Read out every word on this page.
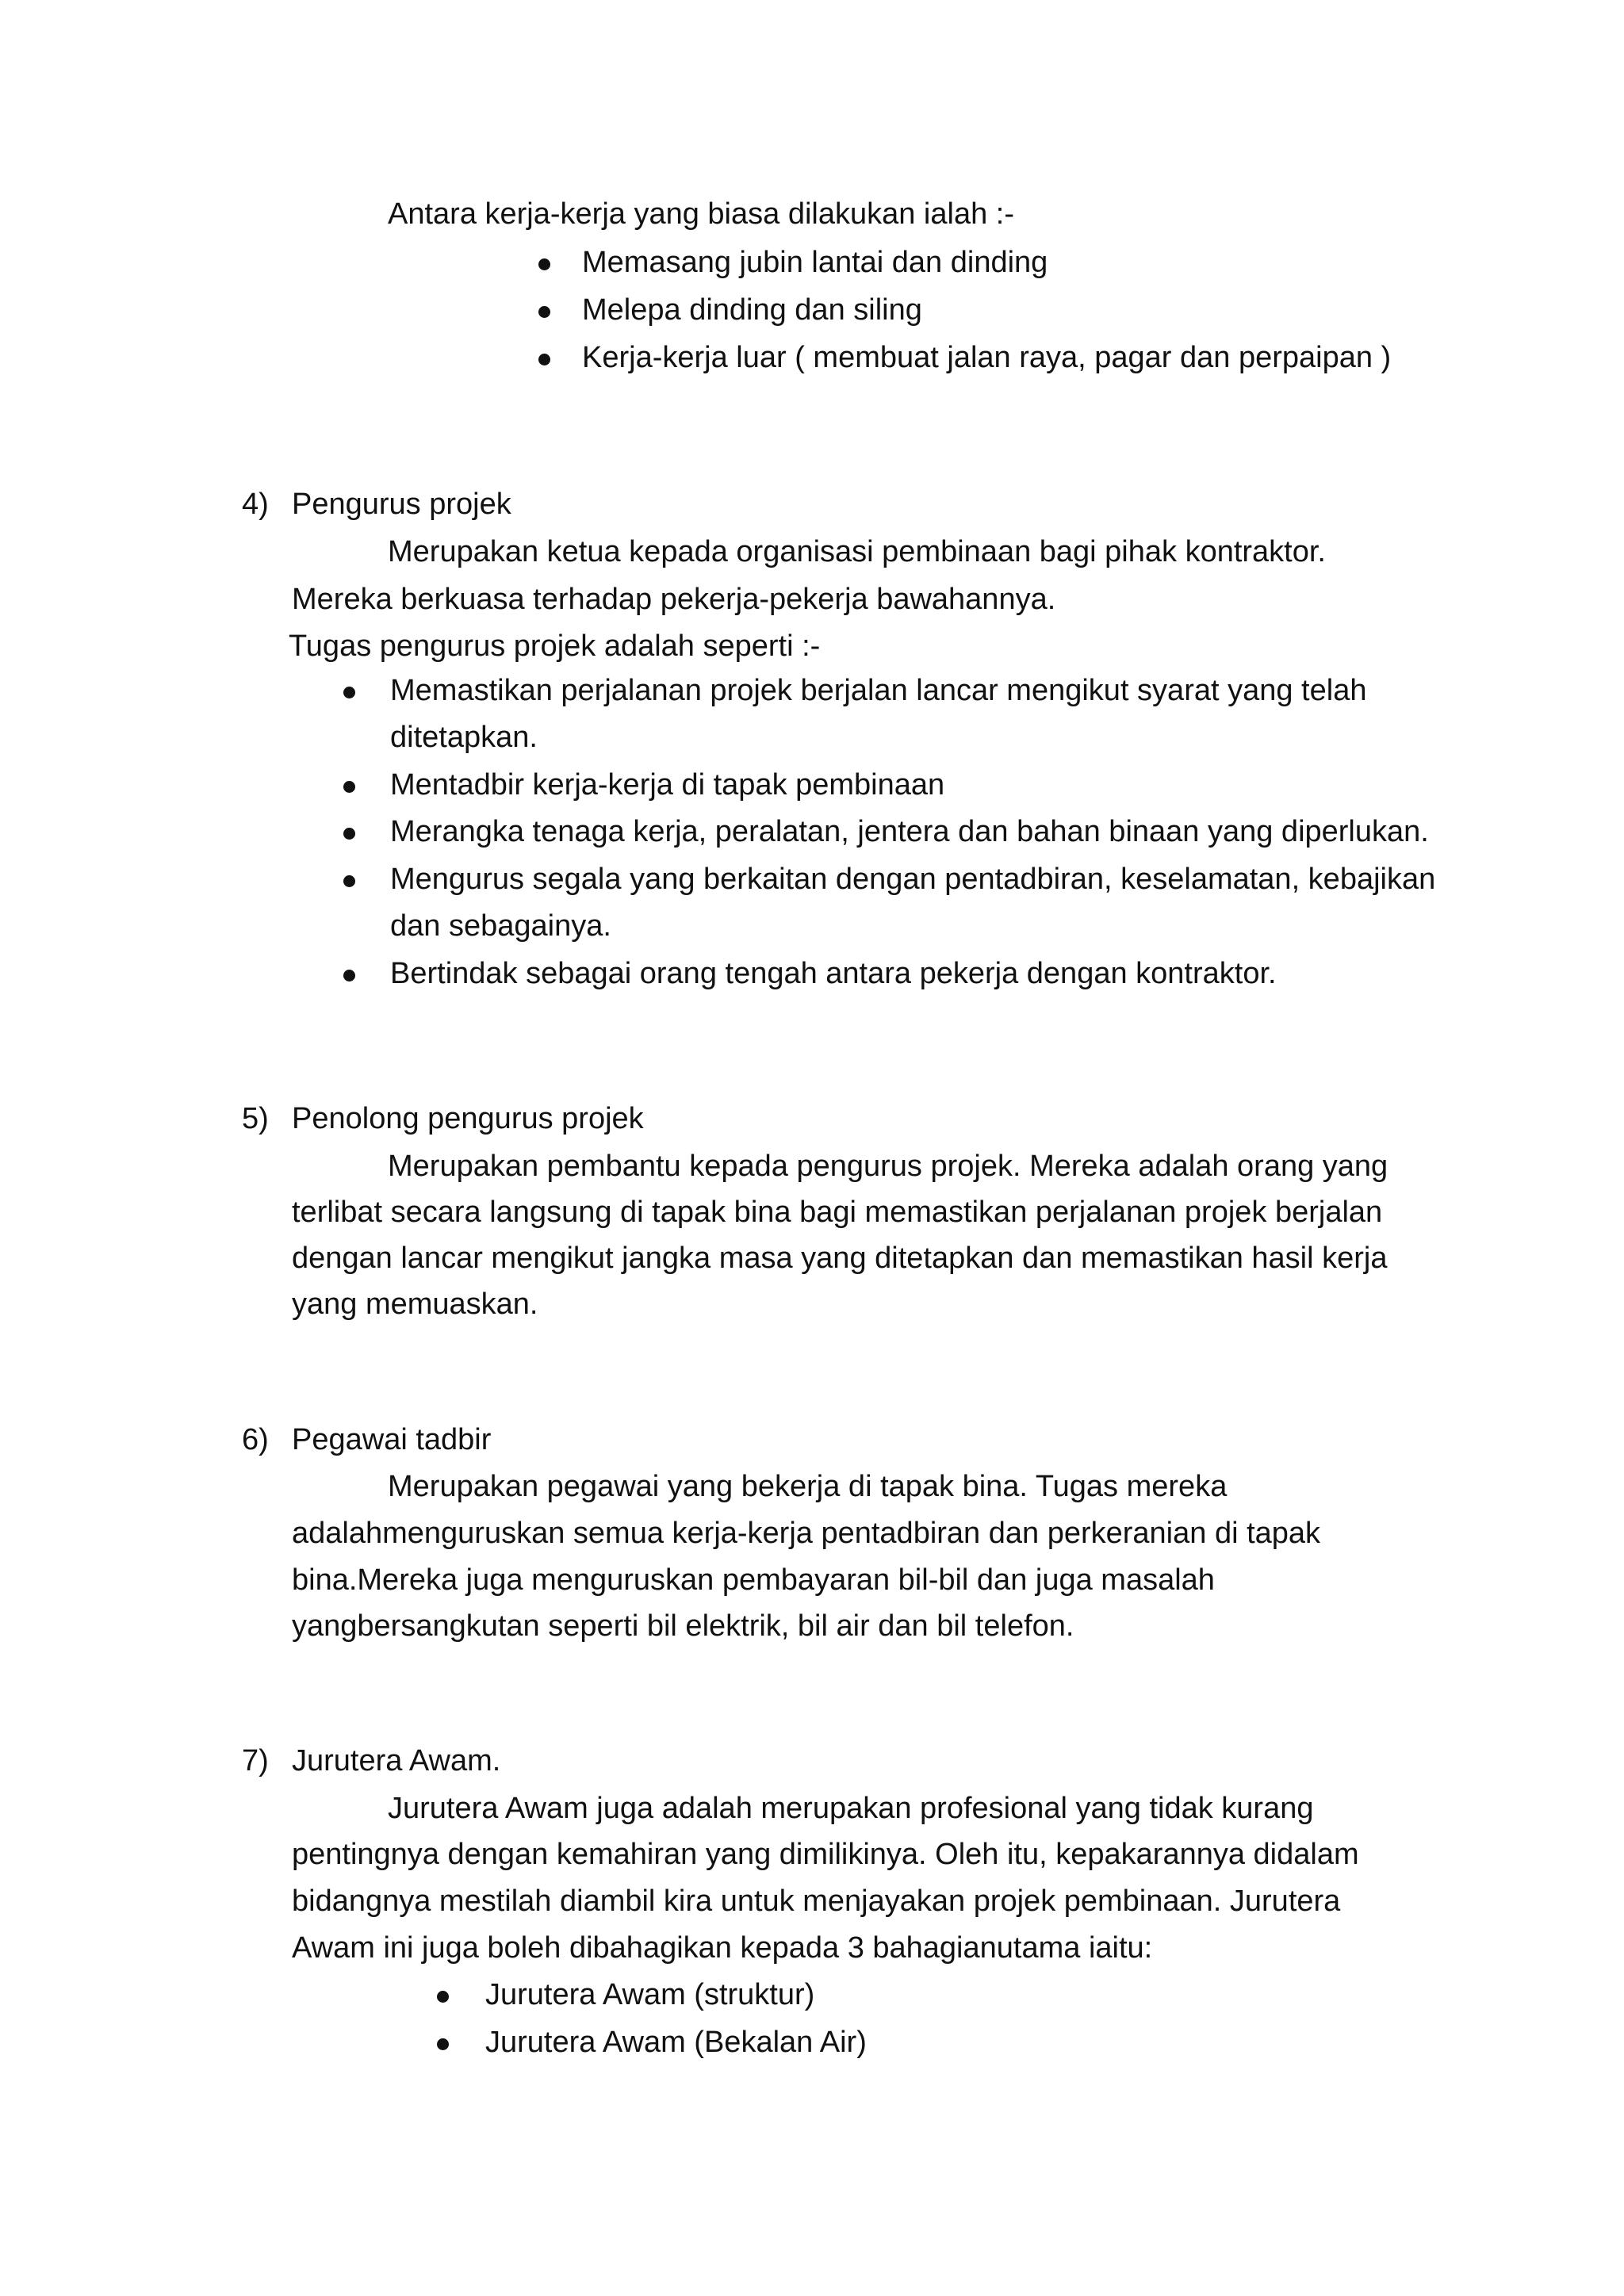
Antara kerja-kerja yang biasa dilakukan ialah :-
Memasang jubin lantai dan dinding
Melepa dinding dan siling
Kerja-kerja luar ( membuat jalan raya, pagar dan perpaipan )
4) Pengurus projek
Merupakan ketua kepada organisasi pembinaan bagi pihak kontraktor.
Mereka berkuasa terhadap pekerja-pekerja bawahannya.
Tugas pengurus projek adalah seperti :-
Memastikan perjalanan projek berjalan lancar mengikut syarat yang telah
ditetapkan.
Mentadbir kerja-kerja di tapak pembinaan
Merangka tenaga kerja, peralatan, jentera dan bahan binaan yang diperlukan.
Mengurus segala yang berkaitan dengan pentadbiran, keselamatan, kebajikan
dan sebagainya.
Bertindak sebagai orang tengah antara pekerja dengan kontraktor.
5) Penolong pengurus projek
Merupakan pembantu kepada pengurus projek. Mereka adalah orang yang
terlibat secara langsung di tapak bina bagi memastikan perjalanan projek berjalan
dengan lancar mengikut jangka masa yang ditetapkan dan memastikan hasil kerja
yang memuaskan.
6) Pegawai tadbir
Merupakan pegawai yang bekerja di tapak bina. Tugas mereka
adalahmenguruskan semua kerja-kerja pentadbiran dan perkeranian di tapak
bina.Mereka juga menguruskan pembayaran bil-bil dan juga masalah
yangbersangkutan seperti bil elektrik, bil air dan bil telefon.
7) Jurutera Awam.
Jurutera Awam juga adalah merupakan profesional yang tidak kurang
pentingnya dengan kemahiran yang dimilikinya. Oleh itu, kepakarannya didalam
bidangnya mestilah diambil kira untuk menjayakan projek pembinaan. Jurutera
Awam ini juga boleh dibahagikan kepada 3 bahagianutama iaitu:
Jurutera Awam (struktur)
Jurutera Awam (Bekalan Air)
